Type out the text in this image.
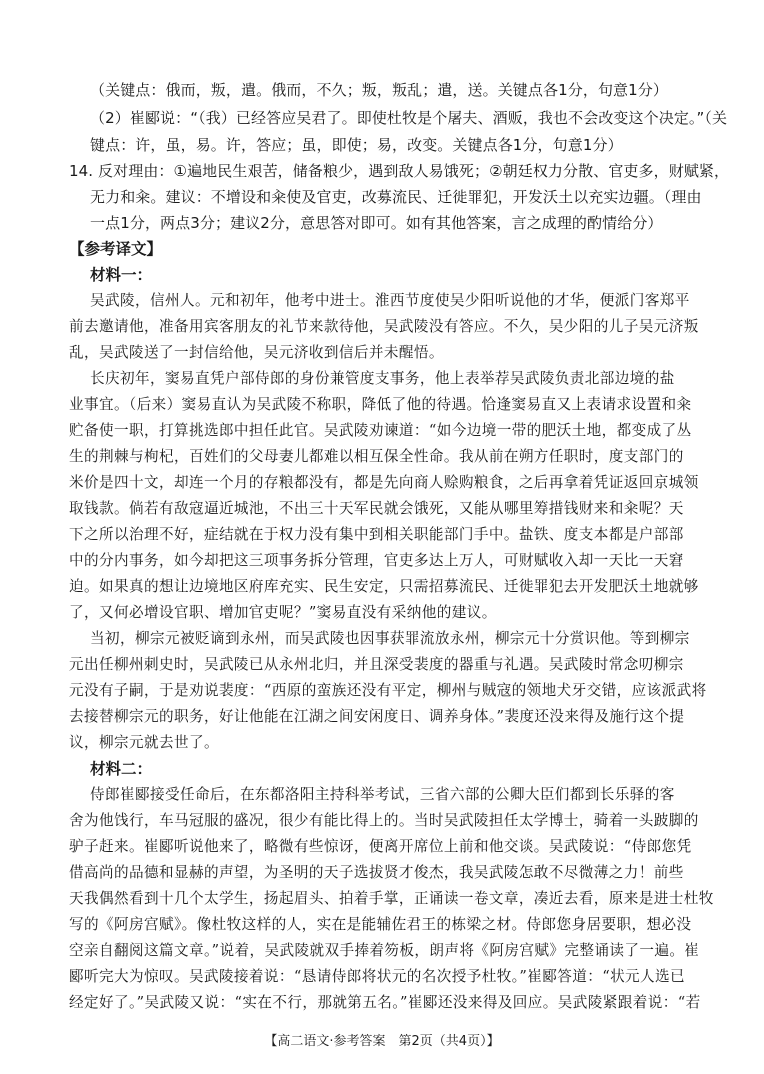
（关键点：俄而，叛，遣。俄而，不久；叛，叛乱；遣，送。关键点各1分，句意1分）
（2）崔郾说：“（我）已经答应吴君了。即使杜牧是个屠夫、酒贩，我也不会改变这个决定。”（关
键点：许，虽，易。许，答应；虽，即使；易，改变。关键点各1分，句意1分）
14. 反对理由：①遍地民生艰苦，储备粮少，遇到敌人易饿死；②朝廷权力分散、官吏多，财赋紧，
无力和籴。建议：不增设和籴使及官吏，改募流民、迁徙罪犯，开发沃土以充实边疆。（理由
一点1分，两点3分；建议2分，意思答对即可。如有其他答案，言之成理的酌情给分）
【参考译文】
材料一：
吴武陵，信州人。元和初年，他考中进士。淮西节度使吴少阳听说他的才华，便派门客郑平
前去邀请他，准备用宾客朋友的礼节来款待他，吴武陵没有答应。不久，吴少阳的儿子吴元济叛
乱，吴武陵送了一封信给他，吴元济收到信后并未醒悟。
长庆初年，窦易直凭户部侍郎的身份兼管度支事务，他上表举荐吴武陵负责北部边境的盐
业事宜。（后来）窦易直认为吴武陵不称职，降低了他的待遇。恰逢窦易直又上表请求设置和籴
贮备使一职，打算挑选郎中担任此官。吴武陵劝谏道：“如今边境一带的肥沃土地，都变成了丛
生的荆棘与枸杞，百姓们的父母妻儿都难以相互保全性命。我从前在朔方任职时，度支部门的
米价是四十文，却连一个月的存粮都没有，都是先向商人赊购粮食，之后再拿着凭证返回京城领
取钱款。倘若有敌寇逼近城池，不出三十天军民就会饿死，又能从哪里筹措钱财来和籴呢？天
下之所以治理不好，症结就在于权力没有集中到相关职能部门手中。盐铁、度支本都是户部部
中的分内事务，如今却把这三项事务拆分管理，官吏多达上万人，可财赋收入却一天比一天窘
迫。如果真的想让边境地区府库充实、民生安定，只需招募流民、迁徙罪犯去开发肥沃土地就够
了，又何必增设官职、增加官吏呢？”窦易直没有采纳他的建议。
当初，柳宗元被贬谪到永州，而吴武陵也因事获罪流放永州，柳宗元十分赏识他。等到柳宗
元出任柳州刺史时，吴武陵已从永州北归，并且深受裴度的器重与礼遇。吴武陵时常念叨柳宗
元没有子嗣，于是劝说裴度：“西原的蛮族还没有平定，柳州与贼寇的领地犬牙交错，应该派武将
去接替柳宗元的职务，好让他能在江湖之间安闲度日、调养身体。”裴度还没来得及施行这个提
议，柳宗元就去世了。
材料二：
侍郎崔郾接受任命后，在东都洛阳主持科举考试，三省六部的公卿大臣们都到长乐驿的客
舍为他饯行，车马冠服的盛况，很少有能比得上的。当时吴武陵担任太学博士，骑着一头跛脚的
驴子赶来。崔郾听说他来了，略微有些惊讶，便离开席位上前和他交谈。吴武陵说：“侍郎您凭
借高尚的品德和显赫的声望，为圣明的天子选拔贤才俊杰，我吴武陵怎敢不尽微薄之力！前些
天我偶然看到十几个太学生，扬起眉头、拍着手掌，正诵读一卷文章，凑近去看，原来是进士杜牧
写的《阿房宫赋》。像杜牧这样的人，实在是能辅佐君王的栋梁之材。侍郎您身居要职，想必没
空亲自翻阅这篇文章。”说着，吴武陵就双手捧着笏板，朗声将《阿房宫赋》完整诵读了一遍。崔
郾听完大为惊叹。吴武陵接着说：“恳请侍郎将状元的名次授予杜牧。”崔郾答道：“状元人选已
经定好了。”吴武陵又说：“实在不行，那就第五名。”崔郾还没来得及回应。吴武陵紧跟着说：“若
【高二语文·参考答案　第2页（共4页）】
